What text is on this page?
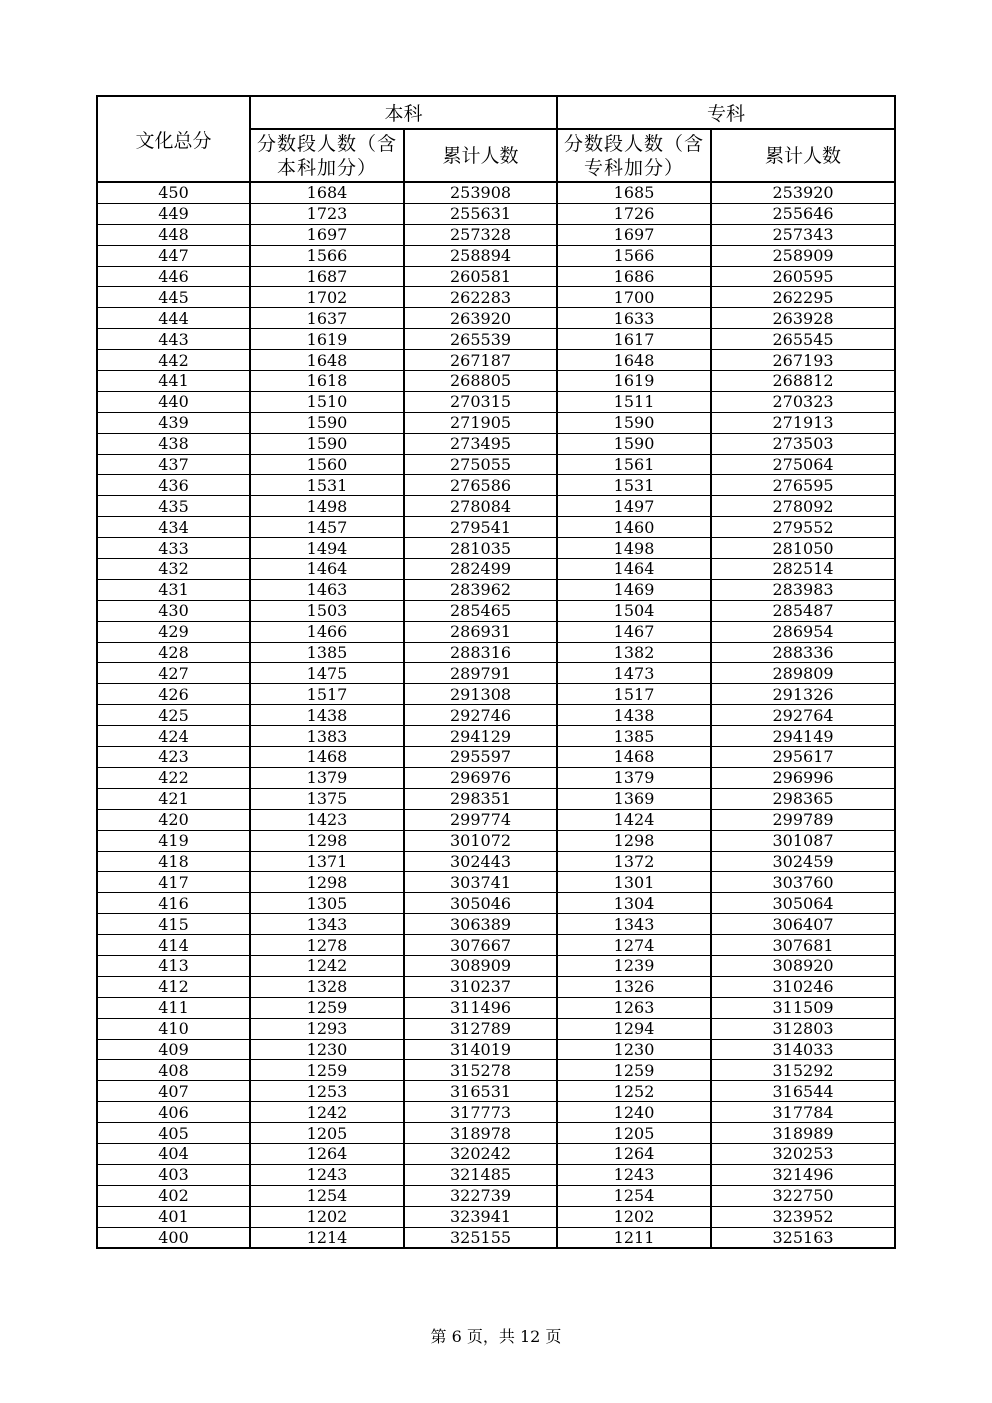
文化总分	本科		专科	
	分数段人数（含本科加分）	累计人数	分数段人数（含专科加分）	累计人数
450	1684	253908	1685	253920
449	1723	255631	1726	255646
448	1697	257328	1697	257343
447	1566	258894	1566	258909
446	1687	260581	1686	260595
445	1702	262283	1700	262295
444	1637	263920	1633	263928
443	1619	265539	1617	265545
442	1648	267187	1648	267193
441	1618	268805	1619	268812
440	1510	270315	1511	270323
439	1590	271905	1590	271913
438	1590	273495	1590	273503
437	1560	275055	1561	275064
436	1531	276586	1531	276595
435	1498	278084	1497	278092
434	1457	279541	1460	279552
433	1494	281035	1498	281050
432	1464	282499	1464	282514
431	1463	283962	1469	283983
430	1503	285465	1504	285487
429	1466	286931	1467	286954
428	1385	288316	1382	288336
427	1475	289791	1473	289809
426	1517	291308	1517	291326
425	1438	292746	1438	292764
424	1383	294129	1385	294149
423	1468	295597	1468	295617
422	1379	296976	1379	296996
421	1375	298351	1369	298365
420	1423	299774	1424	299789
419	1298	301072	1298	301087
418	1371	302443	1372	302459
417	1298	303741	1301	303760
416	1305	305046	1304	305064
415	1343	306389	1343	306407
414	1278	307667	1274	307681
413	1242	308909	1239	308920
412	1328	310237	1326	310246
411	1259	311496	1263	311509
410	1293	312789	1294	312803
409	1230	314019	1230	314033
408	1259	315278	1259	315292
407	1253	316531	1252	316544
406	1242	317773	1240	317784
405	1205	318978	1205	318989
404	1264	320242	1264	320253
403	1243	321485	1243	321496
402	1254	322739	1254	322750
401	1202	323941	1202	323952
400	1214	325155	1211	325163
第 6 页，共 12 页
